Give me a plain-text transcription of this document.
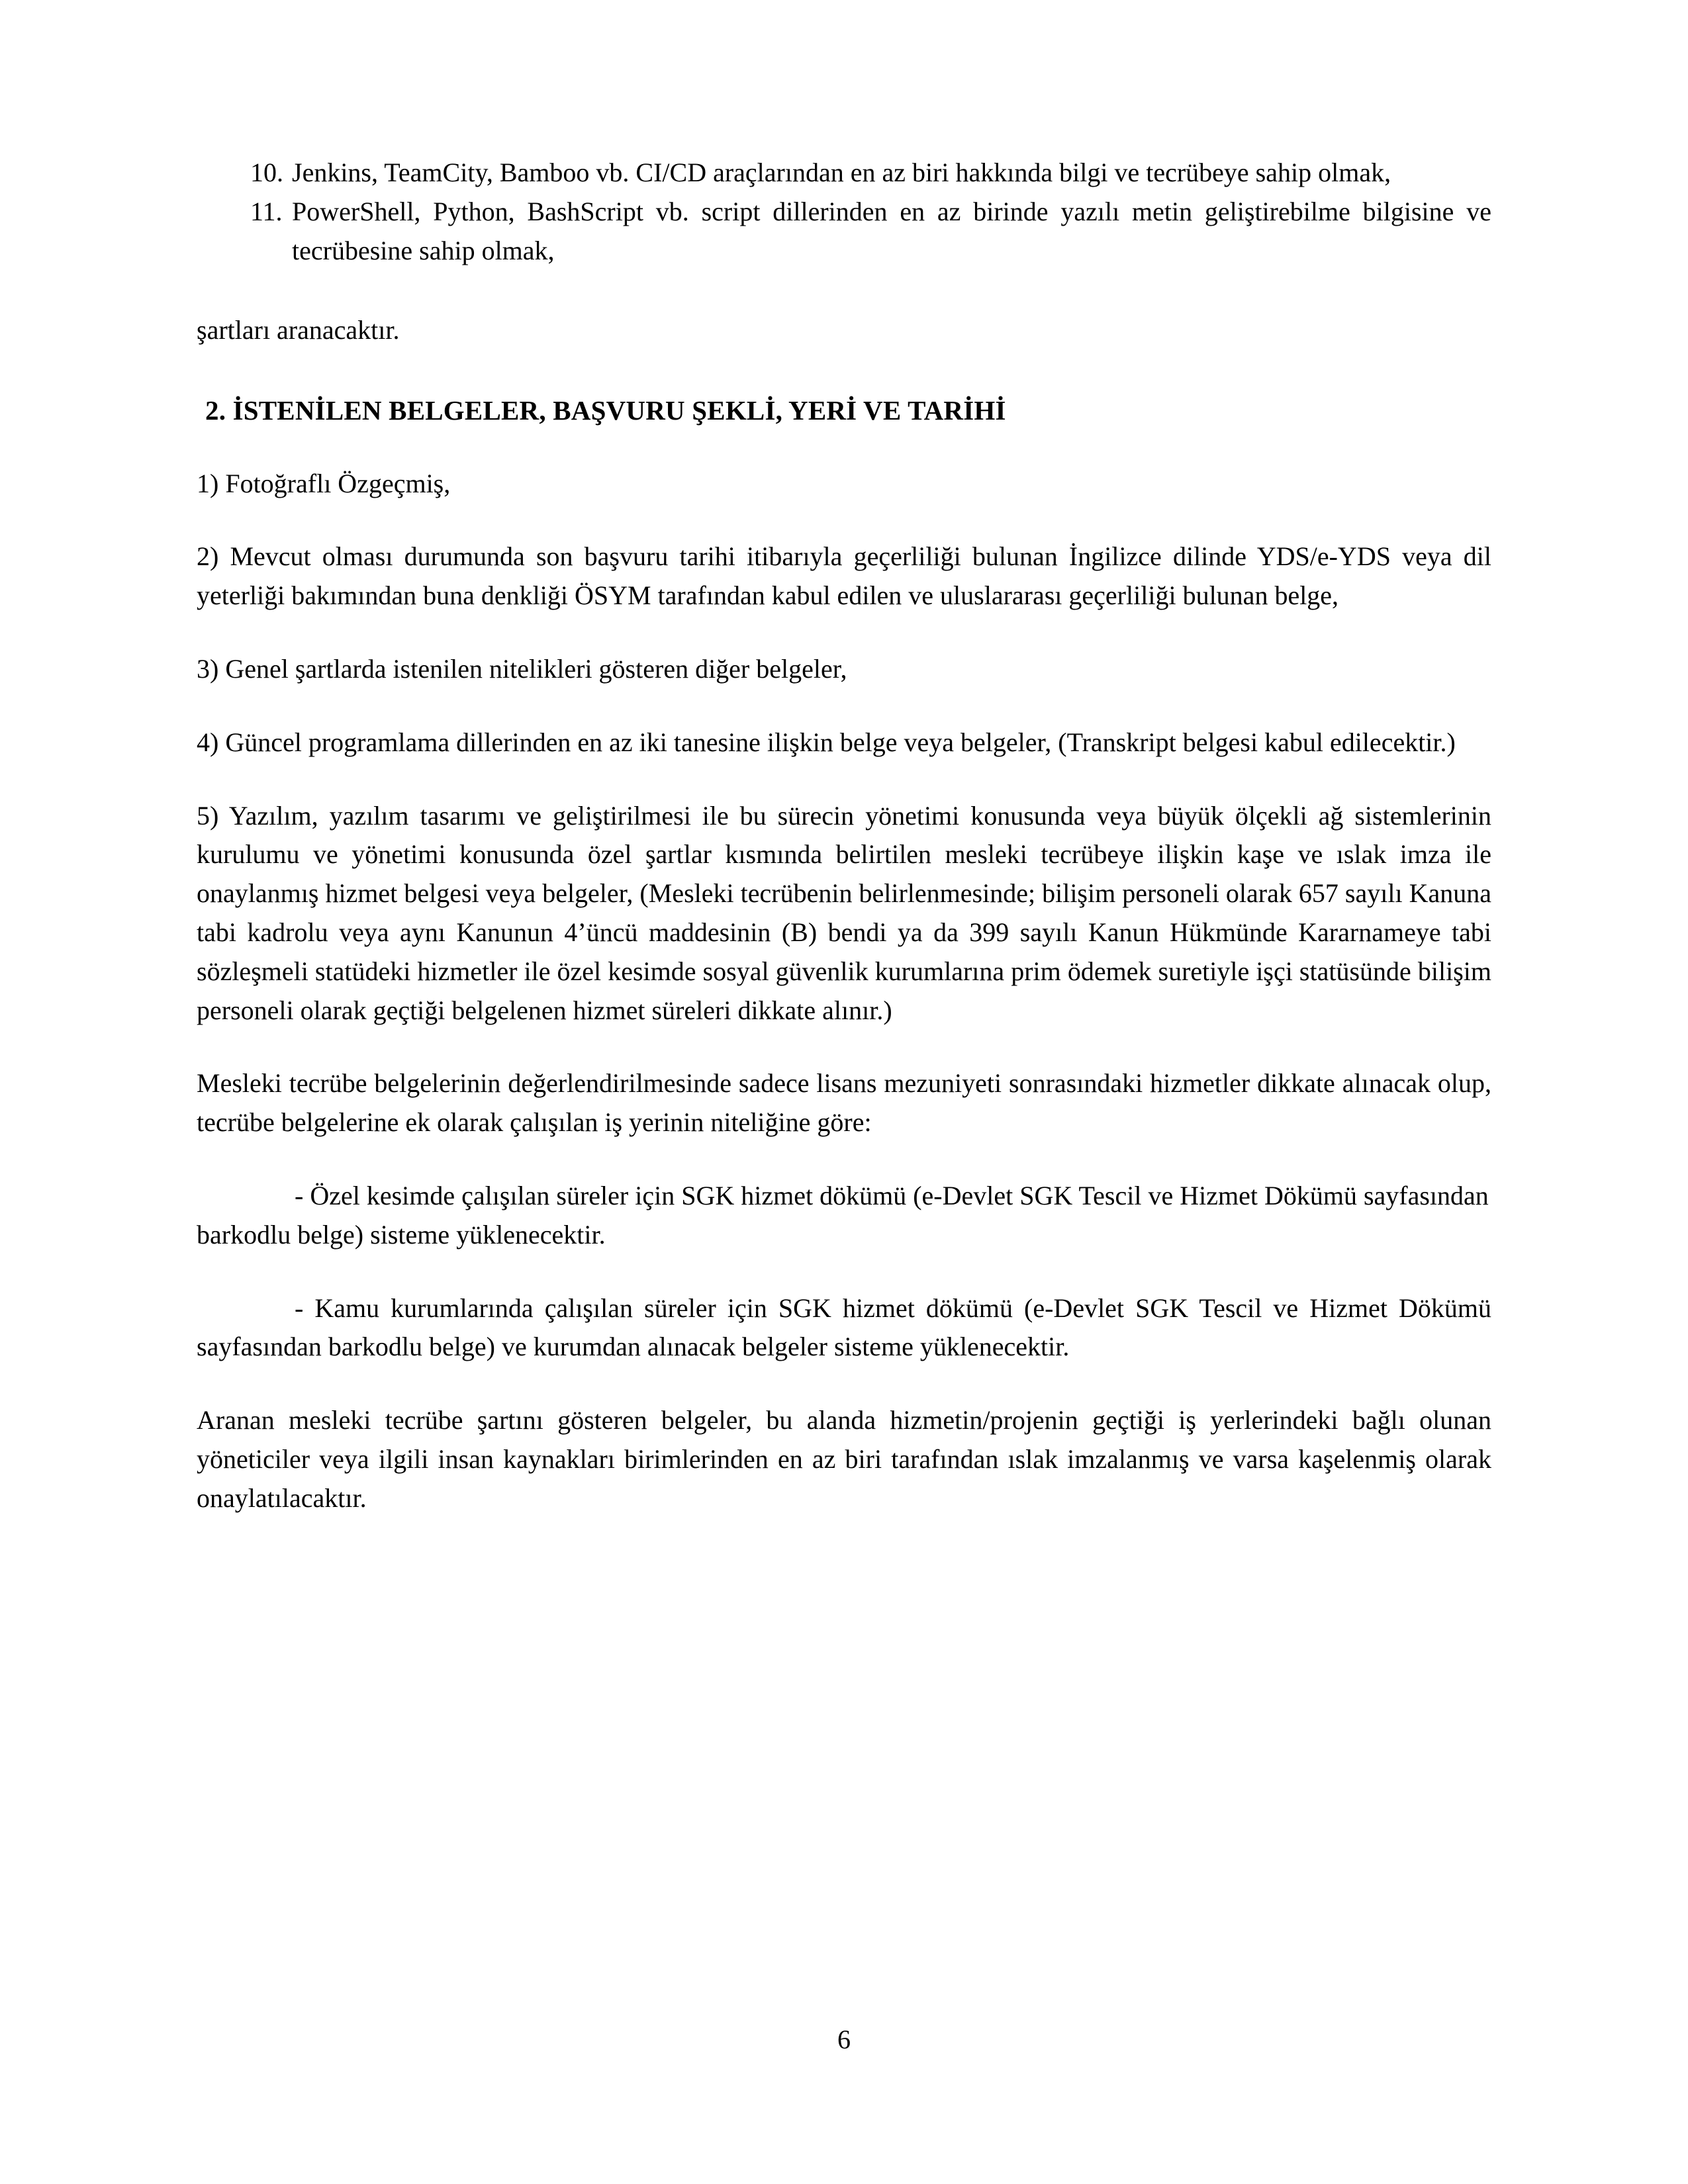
10. Jenkins, TeamCity, Bamboo vb. CI/CD araçlarından en az biri hakkında bilgi ve tecrübeye sahip olmak,
11. PowerShell, Python, BashScript vb. script dillerinden en az birinde yazılı metin geliştirebilme bilgisine ve tecrübesine sahip olmak,

şartları aranacaktır.

2. İSTENİLEN BELGELER, BAŞVURU ŞEKLİ, YERİ VE TARİHİ

1) Fotoğraflı Özgeçmiş,

2) Mevcut olması durumunda son başvuru tarihi itibarıyla geçerliliği bulunan İngilizce dilinde YDS/e-YDS veya dil yeterliği bakımından buna denkliği ÖSYM tarafından kabul edilen ve uluslararası geçerliliği bulunan belge,

3) Genel şartlarda istenilen nitelikleri gösteren diğer belgeler,

4) Güncel programlama dillerinden en az iki tanesine ilişkin belge veya belgeler, (Transkript belgesi kabul edilecektir.)

5) Yazılım, yazılım tasarımı ve geliştirilmesi ile bu sürecin yönetimi konusunda veya büyük ölçekli ağ sistemlerinin kurulumu ve yönetimi konusunda özel şartlar kısmında belirtilen mesleki tecrübeye ilişkin kaşe ve ıslak imza ile onaylanmış hizmet belgesi veya belgeler, (Mesleki tecrübenin belirlenmesinde; bilişim personeli olarak 657 sayılı Kanuna tabi kadrolu veya aynı Kanunun 4’üncü maddesinin (B) bendi ya da 399 sayılı Kanun Hükmünde Kararnameye tabi sözleşmeli statüdeki hizmetler ile özel kesimde sosyal güvenlik kurumlarına prim ödemek suretiyle işçi statüsünde bilişim personeli olarak geçtiği belgelenen hizmet süreleri dikkate alınır.)

Mesleki tecrübe belgelerinin değerlendirilmesinde sadece lisans mezuniyeti sonrasındaki hizmetler dikkate alınacak olup, tecrübe belgelerine ek olarak çalışılan iş yerinin niteliğine göre:

- Özel kesimde çalışılan süreler için SGK hizmet dökümü (e-Devlet SGK Tescil ve Hizmet Dökümü sayfasından barkodlu belge) sisteme yüklenecektir.

- Kamu kurumlarında çalışılan süreler için SGK hizmet dökümü (e-Devlet SGK Tescil ve Hizmet Dökümü sayfasından barkodlu belge) ve kurumdan alınacak belgeler sisteme yüklenecektir.

Aranan mesleki tecrübe şartını gösteren belgeler, bu alanda hizmetin/projenin geçtiği iş yerlerindeki bağlı olunan yöneticiler veya ilgili insan kaynakları birimlerinden en az biri tarafından ıslak imzalanmış ve varsa kaşelenmiş olarak onaylatılacaktır.

6
